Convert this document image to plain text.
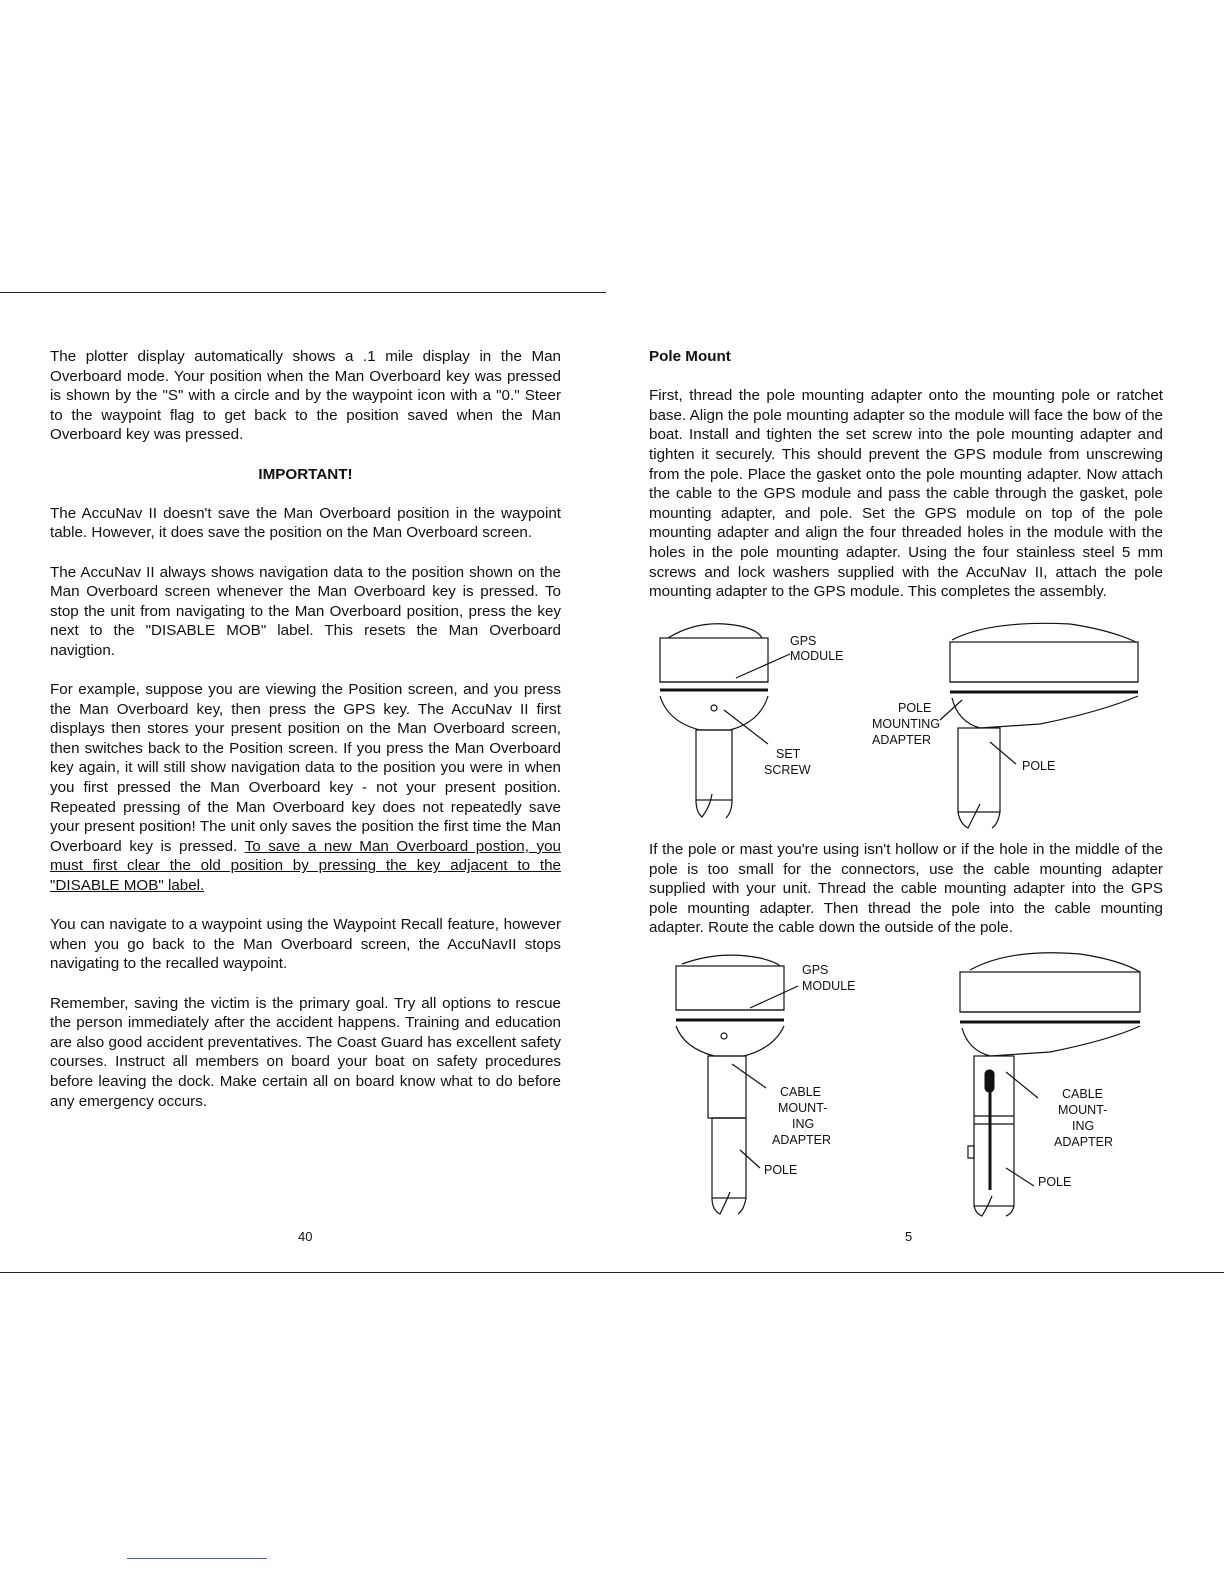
The plotter display automatically shows a .1 mile display in the Man Overboard mode. Your position when the Man Overboard key was pressed is shown by the "S" with a circle and by the waypoint icon with a "0." Steer to the waypoint flag to get back to the position saved when the Man Overboard key was pressed.

IMPORTANT!

The AccuNav II doesn't save the Man Overboard position in the waypoint table. However, it does save the position on the Man Overboard screen.

The AccuNav II always shows navigation data to the position shown on the Man Overboard screen whenever the Man Overboard key is pressed. To stop the unit from navigating to the Man Overboard position, press the key next to the "DISABLE MOB" label. This resets the Man Overboard navigtion.

For example, suppose you are viewing the Position screen, and you press the Man Overboard key, then press the GPS key. The AccuNav II first displays then stores your present position on the Man Overboard screen, then switches back to the Position screen. If you press the Man Overboard key again, it will still show navigation data to the position you were in when you first pressed the Man Overboard key - not your present position. Repeated pressing of the Man Overboard key does not repeatedly save your present position! The unit only saves the position the first time the Man Overboard key is pressed. To save a new Man Overboard postion, you must first clear the old position by pressing the key adjacent to the "DISABLE MOB" label.

You can navigate to a waypoint using the Waypoint Recall feature, however when you go back to the Man Overboard screen, the AccuNavII stops navigating to the recalled waypoint.

Remember, saving the victim is the primary goal. Try all options to rescue the person immediately after the accident happens. Training and education are also good accident preventatives. The Coast Guard has excellent safety courses. Instruct all members on board your boat on safety procedures before leaving the dock. Make certain all on board know what to do before any emergency occurs.

40

Pole Mount

First, thread the pole mounting adapter onto the mounting pole or ratchet base. Align the pole mounting adapter so the module will face the bow of the boat. Install and tighten the set screw into the pole mounting adapter and tighten it securely. This should prevent the GPS module from unscrewing from the pole. Place the gasket onto the pole mounting adapter. Now attach the cable to the GPS module and pass the cable through the gasket, pole mounting adapter, and pole. Set the GPS module on top of the pole mounting adapter and align the four threaded holes in the module with the holes in the pole mounting adapter. Using the four stainless steel 5 mm screws and lock washers supplied with the AccuNav II, attach the pole mounting adapter to the GPS module. This completes the assembly.

If the pole or mast you're using isn't hollow or if the hole in the middle of the pole is too small for the connectors, use the cable mounting adapter supplied with your unit. Thread the cable mounting adapter into the GPS pole mounting adapter. Then thread the pole into the cable mounting adapter. Route the cable down the outside of the pole.

5
GPS
MODULE
SET
SCREW
POLE
MOUNTING
ADAPTER
POLE
GPS
MODULE
CABLE
MOUNT-
ING
ADAPTER
POLE
CABLE
MOUNT-
ING
ADAPTER
POLE
